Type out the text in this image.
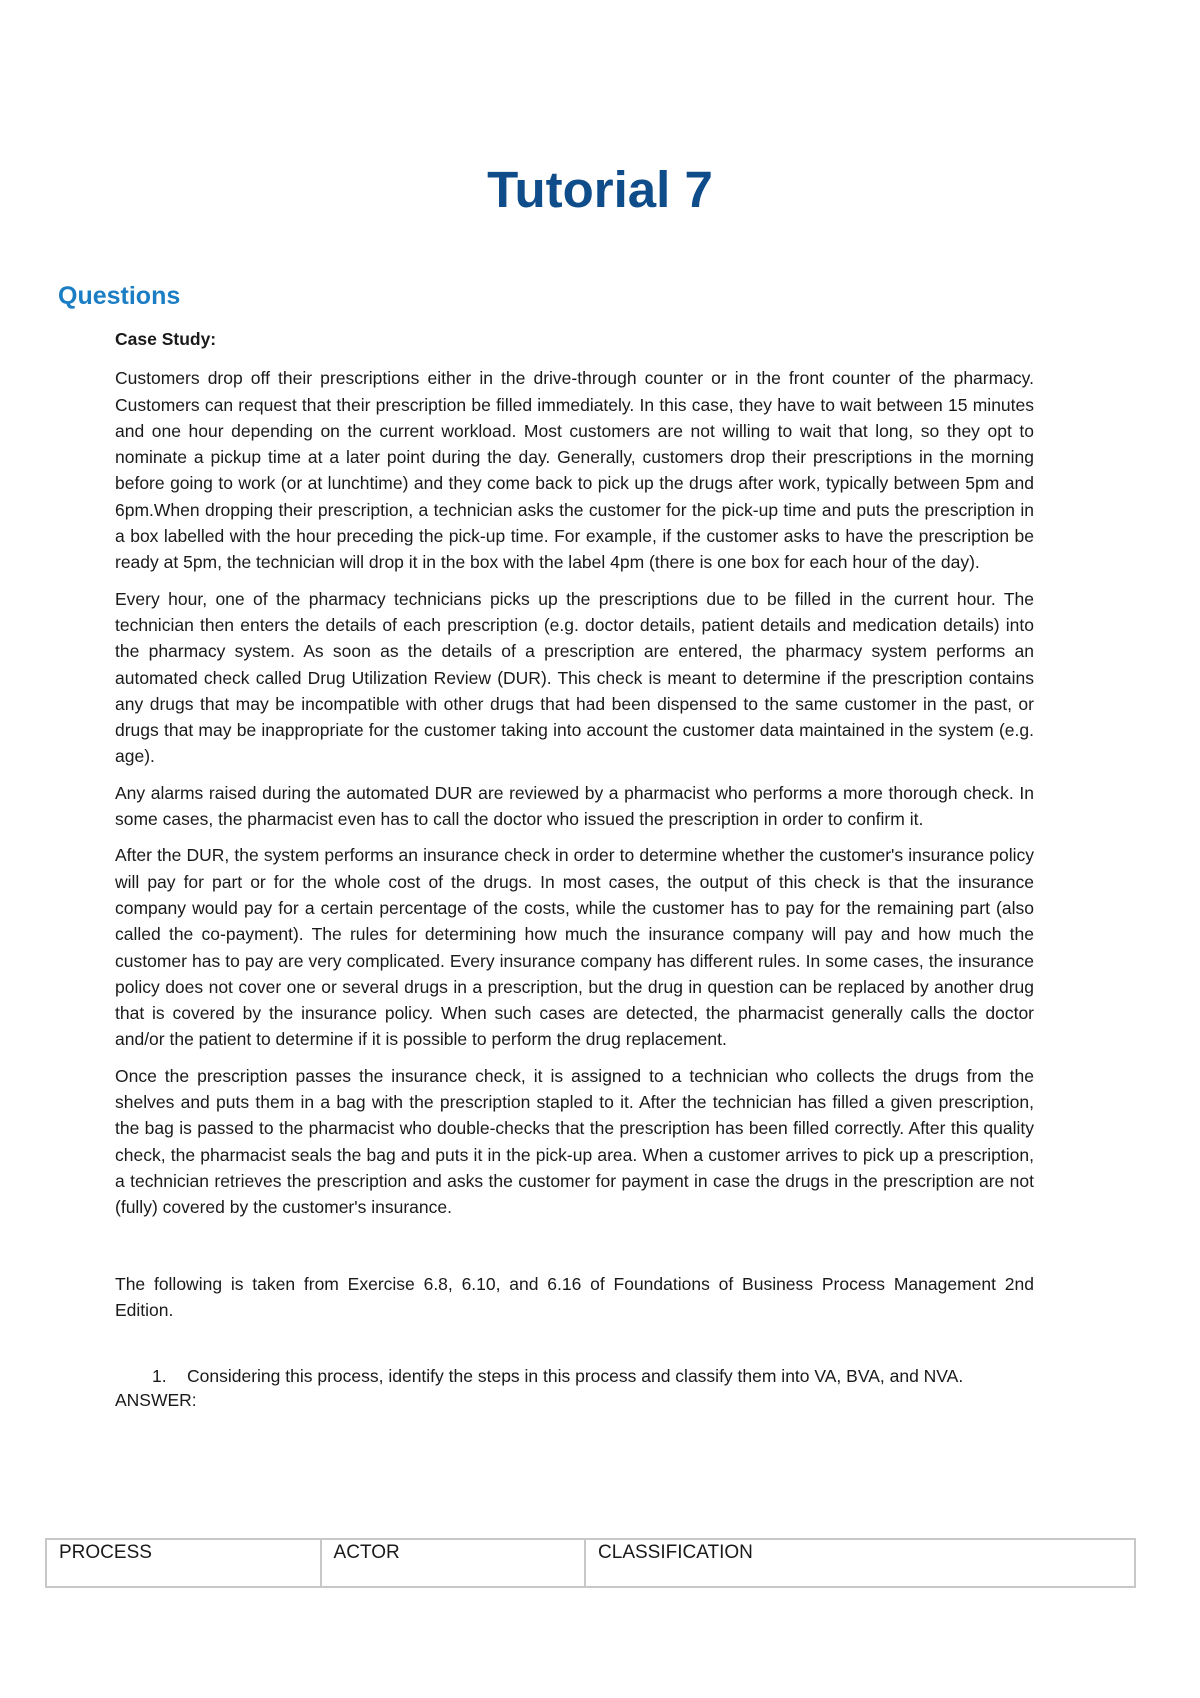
Tutorial 7
Questions

Case Study:

Customers drop off their prescriptions either in the drive-through counter or in the front counter of the pharmacy. Customers can request that their prescription be filled immediately. In this case, they have to wait between 15 minutes and one hour depending on the current workload. Most customers are not willing to wait that long, so they opt to nominate a pickup time at a later point during the day. Generally, customers drop their prescriptions in the morning before going to work (or at lunchtime) and they come back to pick up the drugs after work, typically between 5pm and 6pm.When dropping their prescription, a technician asks the customer for the pick-up time and puts the prescription in a box labelled with the hour preceding the pick-up time. For example, if the customer asks to have the prescription be ready at 5pm, the technician will drop it in the box with the label 4pm (there is one box for each hour of the day).

Every hour, one of the pharmacy technicians picks up the prescriptions due to be filled in the current hour. The technician then enters the details of each prescription (e.g. doctor details, patient details and medication details) into the pharmacy system. As soon as the details of a prescription are entered, the pharmacy system performs an automated check called Drug Utilization Review (DUR). This check is meant to determine if the prescription contains any drugs that may be incompatible with other drugs that had been dispensed to the same customer in the past, or drugs that may be inappropriate for the customer taking into account the customer data maintained in the system (e.g. age).

Any alarms raised during the automated DUR are reviewed by a pharmacist who performs a more thorough check. In some cases, the pharmacist even has to call the doctor who issued the prescription in order to confirm it.

After the DUR, the system performs an insurance check in order to determine whether the customer's insurance policy will pay for part or for the whole cost of the drugs. In most cases, the output of this check is that the insurance company would pay for a certain percentage of the costs, while the customer has to pay for the remaining part (also called the co-payment). The rules for determining how much the insurance company will pay and how much the customer has to pay are very complicated. Every insurance company has different rules. In some cases, the insurance policy does not cover one or several drugs in a prescription, but the drug in question can be replaced by another drug that is covered by the insurance policy. When such cases are detected, the pharmacist generally calls the doctor and/or the patient to determine if it is possible to perform the drug replacement.

Once the prescription passes the insurance check, it is assigned to a technician who collects the drugs from the shelves and puts them in a bag with the prescription stapled to it. After the technician has filled a given prescription, the bag is passed to the pharmacist who double-checks that the prescription has been filled correctly. After this quality check, the pharmacist seals the bag and puts it in the pick-up area. When a customer arrives to pick up a prescription, a technician retrieves the prescription and asks the customer for payment in case the drugs in the prescription are not (fully) covered by the customer's insurance.

The following is taken from Exercise 6.8, 6.10, and 6.16 of Foundations of Business Process Management 2nd Edition.

1.	Considering this process, identify the steps in this process and classify them into VA, BVA, and NVA.

ANSWER:

PROCESS	ACTOR	CLASSIFICATION
